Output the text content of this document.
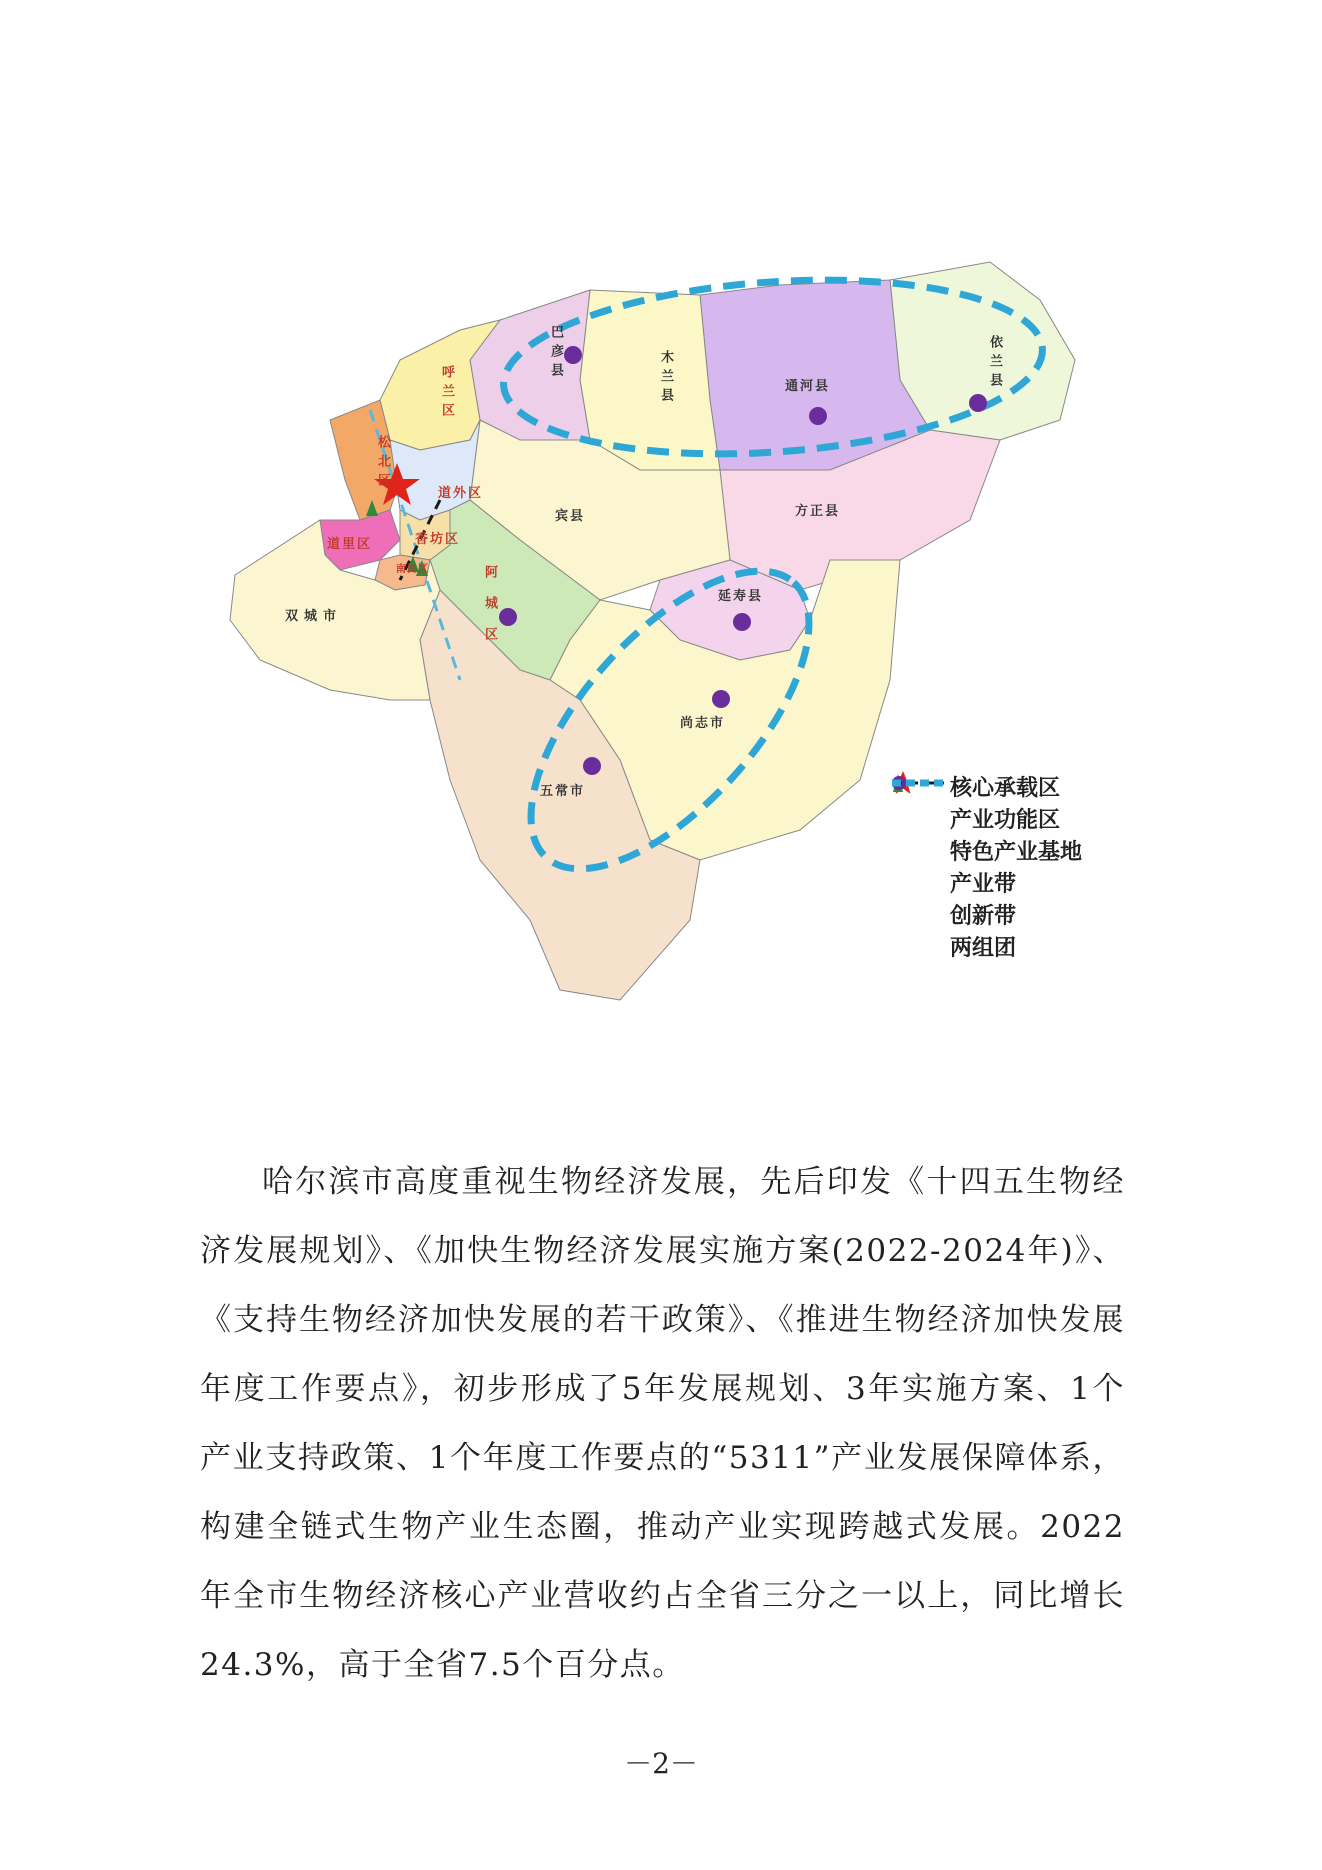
巴彦县	木兰县	通河县	依兰县
呼兰区
松北区
道外区
道里区	香坊区
南岗区
宾县	方正县
阿城区	延寿县
尚志市
五常市
双城市
核心承载区
产业功能区
特色产业基地
产业带
创新带
两组团

哈尔滨市高度重视生物经济发展，先后印发《十四五生物经济发展规划》、《加快生物经济发展实施方案(2022-2024年)》、《支持生物经济加快发展的若干政策》、《推进生物经济加快发展年度工作要点》，初步形成了5年发展规划、3年实施方案、1个产业支持政策、1个年度工作要点的“5311”产业发展保障体系，构建全链式生物产业生态圈，推动产业实现跨越式发展。2022年全市生物经济核心产业营收约占全省三分之一以上，同比增长24.3%，高于全省7.5个百分点。

－2－
